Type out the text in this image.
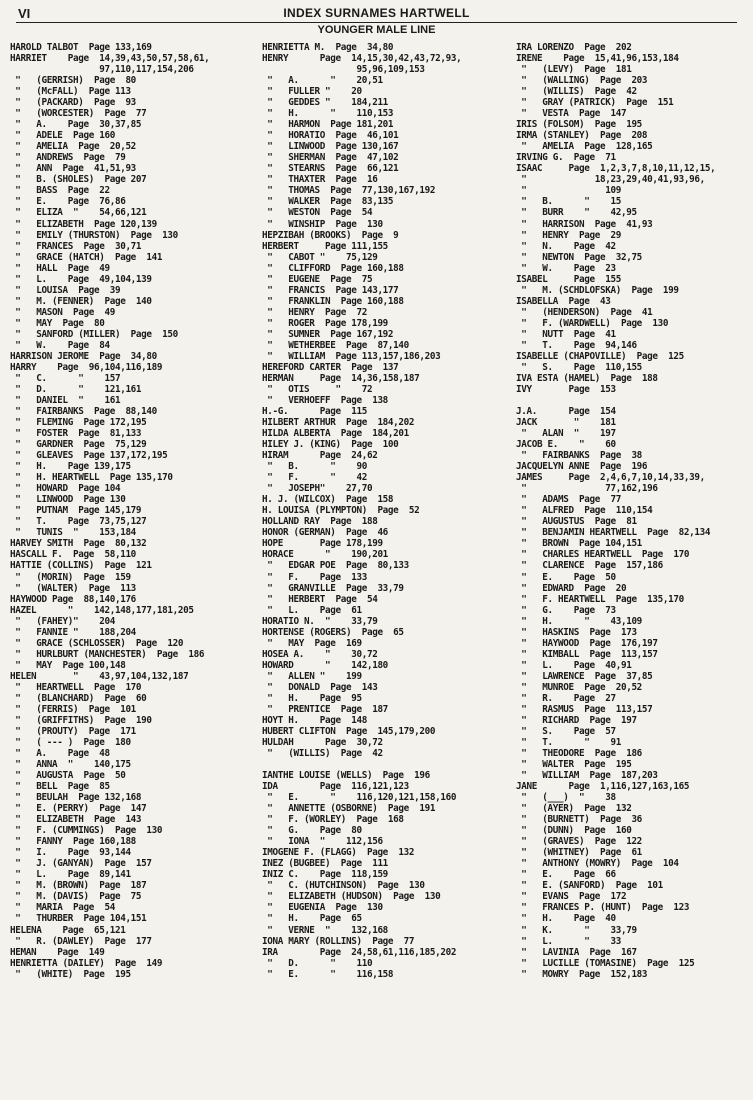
VI	INDEX SURNAMES HARTWELL
YOUNGER MALE LINE
HAROLD TALBOT  Page 133,169
HARRIET    Page  14,39,43,50,57,58,61,
97,110,117,154,206
"   (GERRISH)  Page  80
"   (McFALL)  Page 113
"   (PACKARD)  Page  93
"   (WORCESTER)  Page  77
"   A.    Page  30,37,85
"   ADELE  Page 160
"   AMELIA  Page  20,52
"   ANDREWS  Page  79
"   ANN  Page  41,51,93
"   B. (SHOLES)  Page 207
"   BASS  Page  22
"   E.    Page  76,86
"   ELIZA  "    54,66,121
"   ELIZABETH  Page 120,139
"   EMILY (THURSTON)  Page  130
"   FRANCES  Page  30,71
"   GRACE (HATCH)  Page  141
"   HALL  Page  49
"   L.    Page  49,104,139
"   LOUISA  Page  39
"   M. (FENNER)  Page  140
"   MASON  Page  49
"   MAY  Page  80
"   SANFORD (MILLER)  Page  150
"   W.    Page  84
HARRISON JEROME  Page  34,80
HARRY    Page  96,104,116,189
"   C.      "    157
"   D.      "    121,161
"   DANIEL  "    161
"   FAIRBANKS  Page  88,140
"   FLEMING  Page 172,195
"   FOSTER  Page  81,133
"   GARDNER  Page  75,129
"   GLEAVES  Page 137,172,195
"   H.    Page 139,175
"   H. HEARTWELL  Page 135,170
"   HOWARD  Page 104
"   LINWOOD  Page 130
"   PUTNAM  Page 145,179
"   T.    Page  73,75,127
"   TUNIS  "    153,184
HARVEY SMITH  Page  80,132
HASCALL F.  Page  58,110
HATTIE (COLLINS)  Page  121
"   (MORIN)  Page  159
"   (WALTER)  Page  113
HAYWOOD Page  88,140,176
HAZEL      "    142,148,177,181,205
"   (FAHEY)"    204
"   FANNIE "    188,204
"   GRACE (SCHLOSSER)  Page  120
"   HURLBURT (MANCHESTER)  Page  186
"   MAY  Page 100,148
HELEN       "    43,97,104,132,187
"   HEARTWELL  Page  170
"   (BLANCHARD)  Page  60
"   (FERRIS)  Page  101
"   (GRIFFITHS)  Page  190
"   (PROUTY)  Page  171
"   ( --- )  Page  180
"   A.    Page  48
"   ANNA  "    140,175
"   AUGUSTA  Page  50
"   BELL  Page  85
"   BEULAH  Page 132,168
"   E. (PERRY)  Page  147
"   ELIZABETH  Page  143
"   F. (CUMMINGS)  Page  130
"   FANNY  Page 160,188
"   I.    Page  93,144
"   J. (GANYAN)  Page  157
"   L.    Page  89,141
"   M. (BROWN)  Page  187
"   M. (DAVIS)  Page  75
"   MARIA  Page  54
"   THURBER  Page 104,151
HELENA    Page  65,121
"   R. (DAWLEY)  Page  177
HEMAN    Page  149
HENRIETTA (DAILEY)  Page  149
"   (WHITE)  Page  195
HENRIETTA M.  Page  34,80
HENRY      Page  14,15,30,42,43,72,93,
95,96,109,153
"   A.      "    20,51
"   FULLER "    20
"   GEDDES "    184,211
"   H.      "    110,153
"   HARMON  Page 181,201
"   HORATIO  Page  46,101
"   LINWOOD  Page 130,167
"   SHERMAN  Page  47,102
"   STEARNS  Page  66,121
"   THAXTER  Page  16
"   THOMAS  Page  77,130,167,192
"   WALKER  Page  83,135
"   WESTON  Page  54
"   WINSHIP  Page  130
HEPZIBAH (BROOKS)  Page  9
HERBERT     Page 111,155
"   CABOT "    75,129
"   CLIFFORD  Page 160,188
"   EUGENE  Page  75
"   FRANCIS  Page 143,177
"   FRANKLIN  Page 160,188
"   HENRY  Page  72
"   ROGER  Page 178,199
"   SUMNER  Page 167,192
"   WETHERBEE  Page  87,140
"   WILLIAM  Page 113,157,186,203
HEREFORD CARTER  Page  137
HERMAN     Page  14,36,158,187
"   OTIS     "    72
"   VERHOEFF  Page  138
H.-G.      Page  115
HILBERT ARTHUR  Page  184,202
HILDA ALBERTA  Page  184,201
HILEY J. (KING)  Page  100
HIRAM      Page  24,62
"   B.      "    90
"   F.      "    42
"   JOSEPH"    27,70
H. J. (WILCOX)  Page  158
H. LOUISA (PLYMPTON)  Page  52
HOLLAND RAY  Page  188
HONOR (GERMAN)  Page  46
HOPE       Page 178,199
HORACE      "    190,201
"   EDGAR POE  Page  80,133
"   F.    Page  133
"   GRANVILLE  Page  33,79
"   HERBERT  Page  54
"   L.    Page  61
HORATIO N.  "    33,79
HORTENSE (ROGERS)  Page  65
"   MAY  Page  169
HOSEA A.    "    30,72
HOWARD      "    142,180
"   ALLEN "    199
"   DONALD  Page  143
"   H.    Page  95
"   PRENTICE  Page  187
HOYT H.    Page  148
HUBERT CLIFTON  Page  145,179,200
HULDAH      Page  30,72
"   (WILLIS)  Page  42
IANTHE LOUISE (WELLS)  Page  196
IDA        Page  116,121,123
"   E.      "    116,120,121,158,160
"   ANNETTE (OSBORNE)  Page  191
"   F. (WORLEY)  Page  168
"   G.    Page  80
"   IONA  "    112,156
IMOGENE F. (FLAGG)  Page  132
INEZ (BUGBEE)  Page  111
INIZ C.    Page  118,159
"   C. (HUTCHINSON)  Page  130
"   ELIZABETH (HUDSON)  Page  130
"   EUGENIA  Page  130
"   H.    Page  65
"   VERNE  "    132,168
IONA MARY (ROLLINS)  Page  77
IRA        Page  24,58,61,116,185,202
"   D.      "    110
"   E.      "    116,158
IRA LORENZO  Page  202
IRENE    Page  15,41,96,153,184
"   (LEVY)  Page  181
"   (WALLING)  Page  203
"   (WILLIS)  Page  42
"   GRAY (PATRICK)  Page  151
"   VESTA  Page  147
IRIS (FOLSOM)  Page  195
IRMA (STANLEY)  Page  208
"   AMELIA  Page  128,165
IRVING G.  Page  71
ISAAC     Page  1,2,3,7,8,10,11,12,15,
"             18,23,29,40,41,93,96,
"               109
"   B.      "    15
"   BURR    "    42,95
"   HARRISON  Page  41,93
"   HENRY  Page  29
"   N.    Page  42
"   NEWTON  Page  32,75
"   W.    Page  23
ISABEL     Page  155
"   M. (SCHDLOFSKA)  Page  199
ISABELLA  Page  43
"   (HENDERSON)  Page  41
"   F. (WARDWELL)  Page  130
"   NUTT  Page  41
"   T.    Page  94,146
ISABELLE (CHAPOVILLE)  Page  125
"   S.    Page  110,155
IVA ESTA (HAMEL)  Page  188
IVY       Page  153
J.A.      Page  154
JACK       "    181
"   ALAN  "    197
JACOB E.    "    60
"   FAIRBANKS  Page  38
JACQUELYN ANNE  Page  196
JAMES     Page  2,4,6,7,10,14,33,39,
"               77,162,196
"   ADAMS  Page  77
"   ALFRED  Page  110,154
"   AUGUSTUS  Page  81
"   BENJAMIN HEARTWELL  Page  82,134
"   BROWN  Page 104,151
"   CHARLES HEARTWELL  Page  170
"   CLARENCE  Page  157,186
"   E.    Page  50
"   EDWARD  Page  20
"   F. HEARTWELL  Page  135,170
"   G.    Page  73
"   H.      "    43,109
"   HASKINS  Page  173
"   HAYWOOD  Page  176,197
"   KIMBALL  Page  113,157
"   L.    Page  40,91
"   LAWRENCE  Page  37,85
"   MUNROE  Page  20,52
"   R.    Page  27
"   RASMUS  Page  113,157
"   RICHARD  Page  197
"   S.    Page  57
"   T.      "    91
"   THEODORE  Page  186
"   WALTER  Page  195
"   WILLIAM  Page  187,203
JANE      Page  1,116,127,163,165
"   (___)  "    38
"   (AYER)  Page  132
"   (BURNETT)  Page  36
"   (DUNN)  Page  160
"   (GRAVES)  Page  122
"   (WHITNEY)  Page  61
"   ANTHONY (MOWRY)  Page  104
"   E.    Page  66
"   E. (SANFORD)  Page  101
"   EVANS  Page  172
"   FRANCES P. (HUNT)  Page  123
"   H.    Page  40
"   K.      "    33,79
"   L.      "    33
"   LAVINIA  Page  167
"   LUCILLE (TOMASINE)  Page  125
"   MOWRY  Page  152,183
